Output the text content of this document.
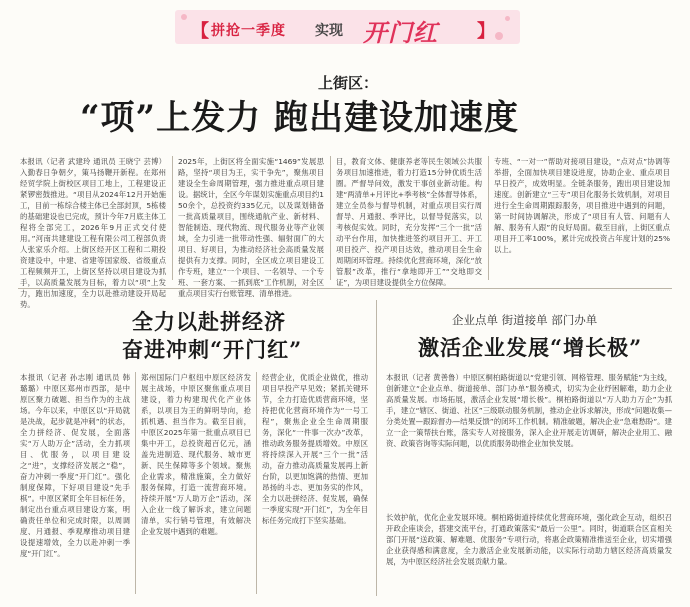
【 拼抢一季度 实现 开门红 】
上街区：
“项”上发力 跑出建设加速度
本报讯（记者 武建玲 通讯员 王晓宁 芸博）入勤春日争朝夕，策马扬鞭开新程。在郑州经贸学院上街校区项目工地上，工程建设正紧锣密鼓推进。“项目从2024年12月开始施工，目前一栋综合楼主体已全部封顶，5栋楼的基础建设也已完成，预计今年7月底主体工程将全部完工，2026年9月正式交付使用。”河南共建建设工程有限公司工程部负责人张家乐介绍。上街区经开区工程和二期投资建设中，中建、省建等国家级、省级重点工程频频开工，上街区坚持以项目建设为抓手，以高质量发展为目标，着力以“项”上发力，跑出加速度，全力以赴推动建设开局起势。
2025年，上街区将全面实施“1469”发展思路，坚持“项目为王，实干争先”，聚焦项目建设全生命周期管理，强力推进重点项目建设。据统计，全区今年谋划实施重点项目约150余个，总投资约335亿元，以及谋划储备一批高质量项目，围绕通航产业、新材料、智能制造、现代物流、现代服务业等产业领域，全力引进一批带动性强、辐射面广的大项目、好项目，为推动经济社会高质量发展提供有力支撑。同时，全区成立项目建设工作专班，建立“一个项目、一名领导、一个专班、一套方案、一抓到底”工作机制，对全区重点项目实行台账管理、清单推进。
目，教育文体、健康养老等民生领域公共服务项目加速推进，着力打造15分钟优质生活圈。严督导问效，激发干事创业新动能。构建“两清单+月评比+季考核”全体督导体系，建立全员参与督导机制，对重点项目实行周督导、月通报、季评比，以督导促落实，以考核促实效。同时，充分发挥“三个一批”活动平台作用，加快推进签约项目开工、开工项目投产、投产项目达效，推动项目全生命周期闭环管理。持续优化营商环境，深化“放管服”改革，推行“拿地即开工”“交地即交证”，为项目建设提供全方位保障。
专班、“一对一”帮助对接项目建设，“点对点”协调等举措，全面加快项目建设进度，协助企业、重点项目早日投产，成效明显。全链条服务，跑出项目建设加速度。创新建立“三专”项目化服务长效机制，对项目进行全生命周期跟踪服务，项目推进中遇到的问题，第一时间协调解决，形成了“项目有人管、问题有人解、服务有人跟”的良好局面。截至目前，上街区重点项目开工率100%，累计完成投资占年度计划的25%以上。
全力以赴拼经济
奋进冲刺“开门红”
本报讯（记者 孙志刚 通讯员 韩璐璐）中原区郑州市西部，是中原区聚力破题、担当作为的主战场。今年以来，中原区以“开局就是决战，起步就是冲刺”的状态，全力拼经济、促发展，全面落实“万人助万企”活动，全力抓项目、优服务，以项目建设之“进”，支撑经济发展之“稳”，奋力冲刺一季度“开门红”。强化制度保障，下好项目建设“先手棋”。中原区紧盯全年目标任务，制定出台重点项目建设方案，明确责任单位和完成时限，以周调度、月通报、季观摩推动项目建设提速增效，全力以赴冲刺一季度“开门红”。
郑州国际门户枢纽中原区经济发展主战场，中原区聚焦重点项目建设，着力构建现代化产业体系，以项目为王的鲜明导向，抢抓机遇、担当作为。截至目前，中原区2025年第一批重点项目已集中开工，总投资超百亿元，涵盖先进制造、现代服务、城市更新、民生保障等多个领域。聚焦企业需求，精准施策，全力做好服务保障，打造一流营商环境。持续开展“万人助万企”活动，深入企业一线了解诉求，建立问题清单，实行销号管理，有效解决企业发展中遇到的难题。
经营企业，优质企业做优，推动项目早投产早见效；紧抓关键环节，全力打造优质营商环境，坚持把优化营商环境作为“一号工程”，聚焦企业全生命周期服务，深化“一件事一次办”改革，推动政务服务提质增效。中原区将持续深入开展“三个一批”活动，奋力推动高质量发展再上新台阶，以更加饱满的热情、更加昂扬的斗志、更加务实的作风，全力以赴拼经济、促发展，确保一季度实现“开门红”，为全年目标任务完成打下坚实基础。
企业点单 街道接单 部门办单
激活企业发展“增长极”
本报讯（记者 黄善鲁）中原区桐柏路街道以“党建引领、网格管理、服务赋能”为主线，创新建立“企业点单、街道接单、部门办单”服务模式，切实为企业纾困解难，助力企业高质量发展。市场拓展，激活企业发展“增长极”。桐柏路街道以“万人助力万企”为抓手，建立“辖区、街道、社区”三级联动服务机制，推动企业诉求解决，形成“问题收集—分类处置—跟踪督办—结果反馈”的闭环工作机制。精准破题，解决企业“急难愁盼”。建立一企一策帮扶台账，落实专人对接服务，深入企业开展走访调研，解决企业用工、融资、政策咨询等实际问题，以优质服务助推企业加快发展。
长效护航，优化企业发展环境。桐柏路街道持续优化营商环境，强化政企互动，组织召开政企座谈会，搭建交流平台，打通政策落实“最后一公里”。同时，街道联合区直相关部门开展“送政策、解难题、优服务”专项行动，将惠企政策精准推送至企业，切实增强企业获得感和满意度，全力激活企业发展新动能，以实际行动助力辖区经济高质量发展，为中原区经济社会发展贡献力量。
